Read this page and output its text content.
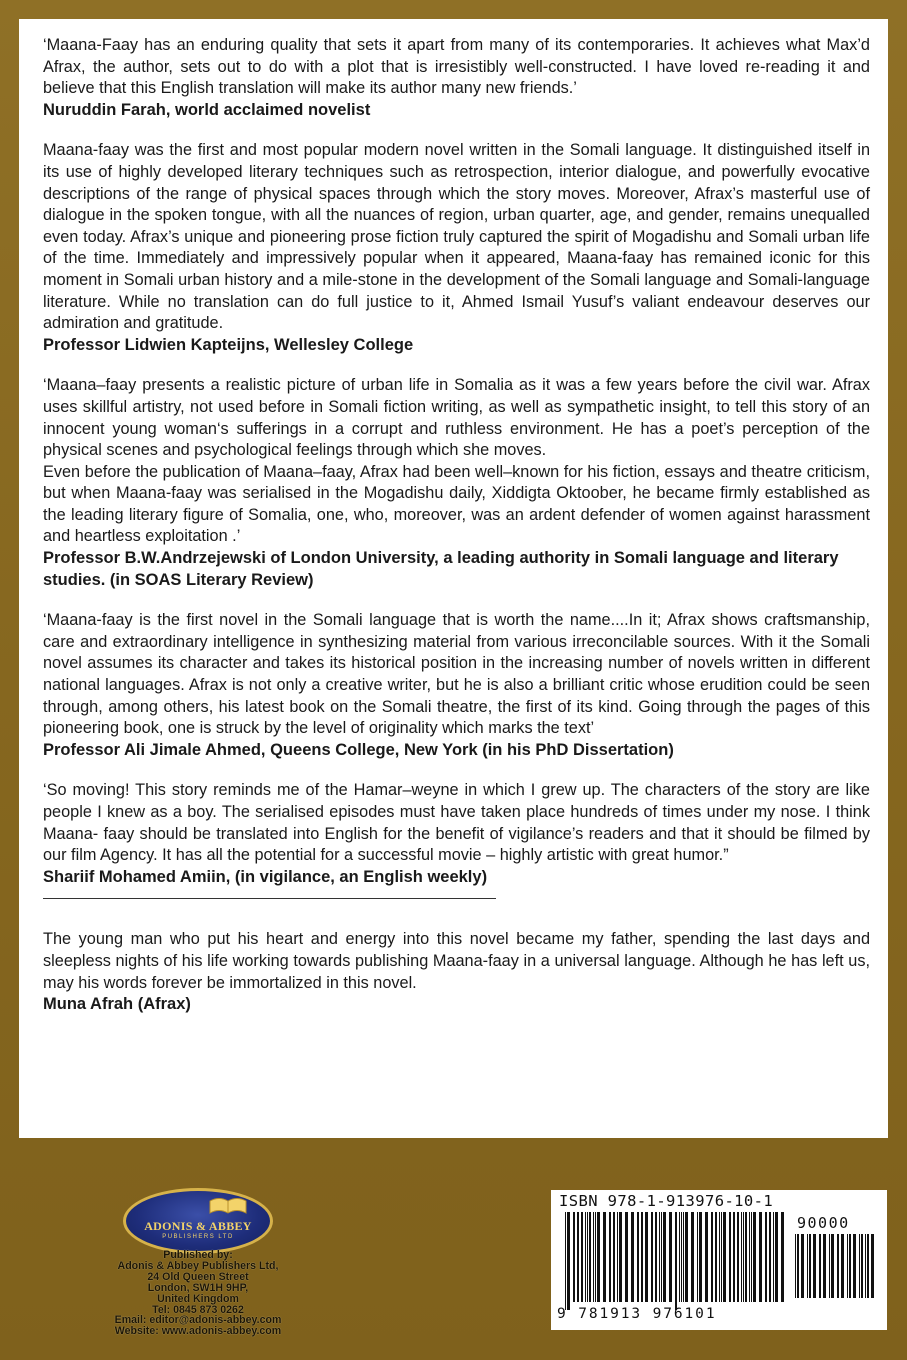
‘Maana-Faay has an enduring quality that sets it apart from many of its contemporaries. It achieves what Max’d Afrax, the author, sets out to do with a plot that is irresistibly well-constructed. I have loved re-reading it and believe that this English translation will make its author many new friends.’

Nuruddin Farah, world acclaimed novelist

Maana-faay was the first and most popular modern novel written in the Somali language. It distinguished itself in its use of highly developed literary techniques such as retrospection, interior dialogue, and powerfully evocative descriptions of the range of physical spaces through which the story moves. Moreover, Afrax’s masterful use of dialogue in the spoken tongue, with all the nuances of region, urban quarter, age, and gender, remains unequalled even today. Afrax’s unique and pioneering prose fiction truly captured the spirit of Mogadishu and Somali urban life of the time. Immediately and impressively popular when it appeared, Maana-faay has remained iconic for this moment in Somali urban history and a mile-stone in the development of the Somali language and Somali-language literature. While no translation can do full justice to it, Ahmed Ismail Yusuf’s valiant endeavour deserves our admiration and gratitude.

Professor Lidwien Kapteijns, Wellesley College

‘Maana–faay presents a realistic picture of urban life in Somalia as it was a few years before the civil war. Afrax uses skillful artistry, not used before in Somali fiction writing, as well as sympathetic insight, to tell this story of an innocent young woman‘s sufferings in a corrupt and ruthless environment. He has a poet’s perception of the physical scenes and psychological feelings through which she moves.

Even before the publication of Maana–faay, Afrax had been well–known for his fiction, essays and theatre criticism, but when Maana-faay was serialised in the Mogadishu daily, Xiddigta Oktoober, he became firmly established as the leading literary figure of Somalia, one, who, moreover, was an ardent defender of women against harassment and heartless exploitation .’

Professor B.W.Andrzejewski of London University, a leading authority in Somali language and literary studies. (in SOAS Literary Review)

‘Maana-faay is the first novel in the Somali language that is worth the name....In it; Afrax shows craftsmanship, care and extraordinary intelligence in synthesizing material from various irreconcilable sources. With it the Somali novel assumes its character and takes its historical position in the increasing number of novels written in different national languages. Afrax is not only a creative writer, but he is also a brilliant critic whose erudition could be seen through, among others, his latest book on the Somali theatre, the first of its kind. Going through the pages of this pioneering book, one is struck by the level of originality which marks the text’

Professor Ali Jimale Ahmed, Queens College, New York (in his PhD Dissertation)

‘So moving! This story reminds me of the Hamar–weyne in which I grew up. The characters of the story are like people I knew as a boy. The serialised episodes must have taken place hundreds of times under my nose. I think Maana- faay should be translated into English for the benefit of vigilance’s readers and that it should be filmed by our film Agency. It has all the potential for a successful movie – highly artistic with great humor.”

Shariif Mohamed Amiin, (in vigilance, an English weekly)

The young man who put his heart and energy into this novel became my father, spending the last days and sleepless nights of his life working towards publishing Maana-faay in a universal language. Although he has left us, may his words forever be immortalized in this novel.

Muna Afrah (Afrax)
ADONIS & ABBEY
PUBLISHERS LTD
Published by:
Adonis & Abbey Publishers Ltd,
24 Old Queen Street
London, SW1H 9HP,
United Kingdom
Tel: 0845 873 0262
Email: editor@adonis-abbey.com
Website: www.adonis-abbey.com
ISBN 978-1-913976-10-1
90000
9 781913 976101
